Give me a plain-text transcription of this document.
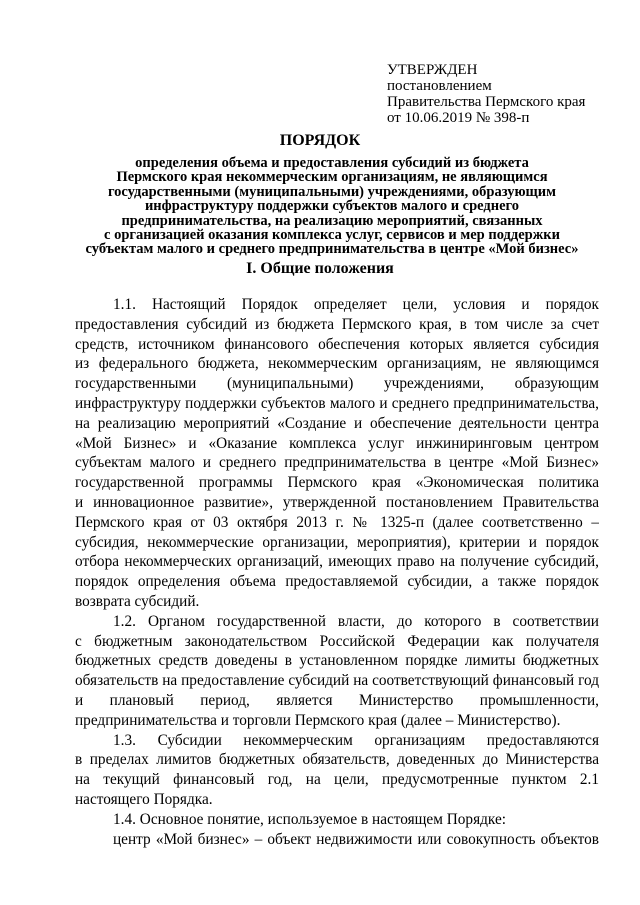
УТВЕРЖДЕН
постановлением
Правительства Пермского края
от 10.06.2019 № 398-п
ПОРЯДОК
определения объема и предоставления субсидий из бюджета
Пермского края некоммерческим организациям, не являющимся
государственными (муниципальными) учреждениями, образующим
инфраструктуру поддержки субъектов малого и среднего
предпринимательства, на реализацию мероприятий, связанных
с организацией оказания комплекса услуг, сервисов и мер поддержки
субъектам малого и среднего предпринимательства в центре «Мой бизнес»
I. Общие положения
1.1. Настоящий Порядок определяет цели, условия и порядок
предоставления субсидий из бюджета Пермского края, в том числе за счет
средств, источником финансового обеспечения которых является субсидия
из федерального бюджета, некоммерческим организациям, не являющимся
государственными (муниципальными) учреждениями, образующим
инфраструктуру поддержки субъектов малого и среднего предпринимательства,
на реализацию мероприятий «Создание и обеспечение деятельности центра
«Мой Бизнес» и «Оказание комплекса услуг инжиниринговым центром
субъектам малого и среднего предпринимательства в центре «Мой Бизнес»
государственной программы Пермского края «Экономическая политика
и инновационное развитие», утвержденной постановлением Правительства
Пермского края от 03 октября 2013 г. № 1325-п (далее соответственно –
субсидия, некоммерческие организации, мероприятия), критерии и порядок
отбора некоммерческих организаций, имеющих право на получение субсидий,
порядок определения объема предоставляемой субсидии, а также порядок
возврата субсидий.
1.2. Органом государственной власти, до которого в соответствии
с бюджетным законодательством Российской Федерации как получателя
бюджетных средств доведены в установленном порядке лимиты бюджетных
обязательств на предоставление субсидий на соответствующий финансовый год
и плановый период, является Министерство промышленности,
предпринимательства и торговли Пермского края (далее – Министерство).
1.3. Субсидии некоммерческим организациям предоставляются
в пределах лимитов бюджетных обязательств, доведенных до Министерства
на текущий финансовый год, на цели, предусмотренные пунктом 2.1
настоящего Порядка.
1.4. Основное понятие, используемое в настоящем Порядке:
центр «Мой бизнес» – объект недвижимости или совокупность объектов
